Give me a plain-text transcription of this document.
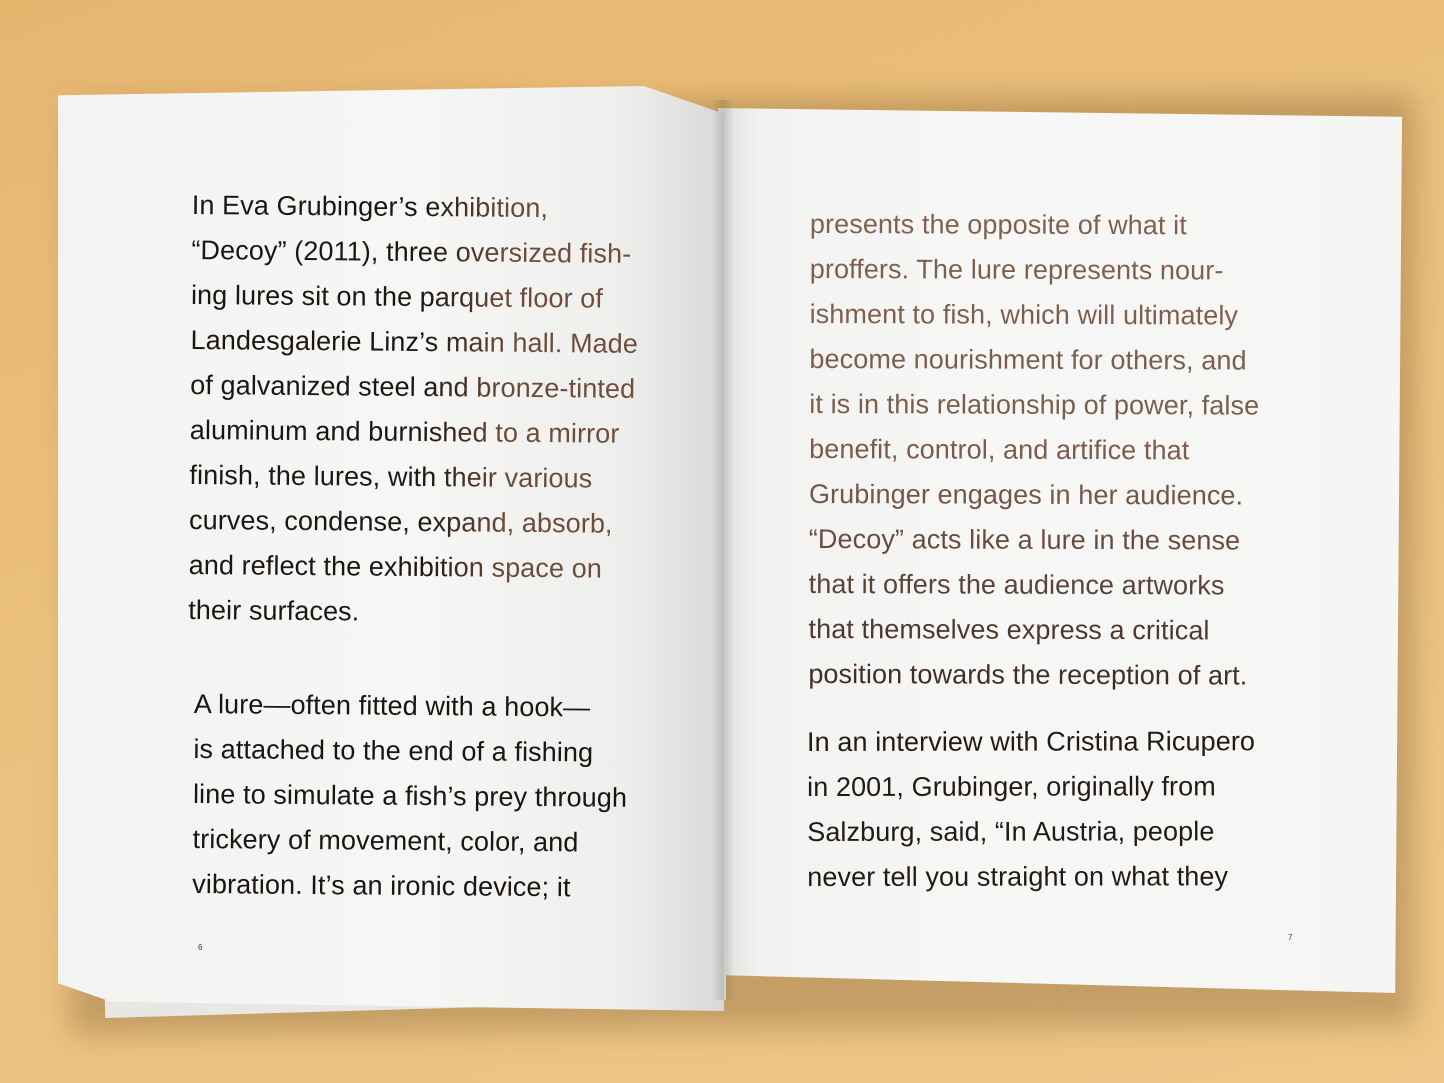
In Eva Grubinger’s exhibition,
“Decoy” (2011), three oversized fish-
ing lures sit on the parquet floor of
Landesgalerie Linz’s main hall. Made
of galvanized steel and bronze-tinted
aluminum and burnished to a mirror
finish, the lures, with their various
curves, condense, expand, absorb,
and reflect the exhibition space on
their surfaces.

A lure—often fitted with a hook—
is attached to the end of a fishing
line to simulate a fish’s prey through
trickery of movement, color, and
vibration. It’s an ironic device; it

6

presents the opposite of what it
proffers. The lure represents nour-
ishment to fish, which will ultimately
become nourishment for others, and
it is in this relationship of power, false
benefit, control, and artifice that
Grubinger engages in her audience.
“Decoy” acts like a lure in the sense
that it offers the audience artworks
that themselves express a critical
position towards the reception of art.

In an interview with Cristina Ricupero
in 2001, Grubinger, originally from
Salzburg, said, “In Austria, people
never tell you straight on what they

7
